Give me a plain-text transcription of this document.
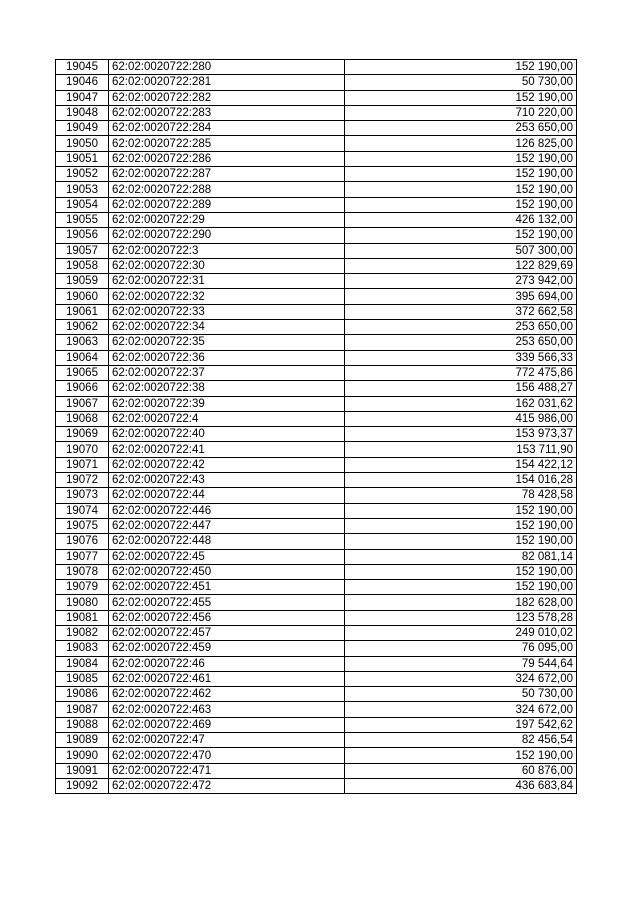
19045	62:02:0020722:280	152 190,00
19046	62:02:0020722:281	50 730,00
19047	62:02:0020722:282	152 190,00
19048	62:02:0020722:283	710 220,00
19049	62:02:0020722:284	253 650,00
19050	62:02:0020722:285	126 825,00
19051	62:02:0020722:286	152 190,00
19052	62:02:0020722:287	152 190,00
19053	62:02:0020722:288	152 190,00
19054	62:02:0020722:289	152 190,00
19055	62:02:0020722:29	426 132,00
19056	62:02:0020722:290	152 190,00
19057	62:02:0020722:3	507 300,00
19058	62:02:0020722:30	122 829,69
19059	62:02:0020722:31	273 942,00
19060	62:02:0020722:32	395 694,00
19061	62:02:0020722:33	372 662,58
19062	62:02:0020722:34	253 650,00
19063	62:02:0020722:35	253 650,00
19064	62:02:0020722:36	339 566,33
19065	62:02:0020722:37	772 475,86
19066	62:02:0020722:38	156 488,27
19067	62:02:0020722:39	162 031,62
19068	62:02:0020722:4	415 986,00
19069	62:02:0020722:40	153 973,37
19070	62:02:0020722:41	153 711,90
19071	62:02:0020722:42	154 422,12
19072	62:02:0020722:43	154 016,28
19073	62:02:0020722:44	78 428,58
19074	62:02:0020722:446	152 190,00
19075	62:02:0020722:447	152 190,00
19076	62:02:0020722:448	152 190,00
19077	62:02:0020722:45	82 081,14
19078	62:02:0020722:450	152 190,00
19079	62:02:0020722:451	152 190,00
19080	62:02:0020722:455	182 628,00
19081	62:02:0020722:456	123 578,28
19082	62:02:0020722:457	249 010,02
19083	62:02:0020722:459	76 095,00
19084	62:02:0020722:46	79 544,64
19085	62:02:0020722:461	324 672,00
19086	62:02:0020722:462	50 730,00
19087	62:02:0020722:463	324 672,00
19088	62:02:0020722:469	197 542,62
19089	62:02:0020722:47	82 456,54
19090	62:02:0020722:470	152 190,00
19091	62:02:0020722:471	60 876,00
19092	62:02:0020722:472	436 683,84
